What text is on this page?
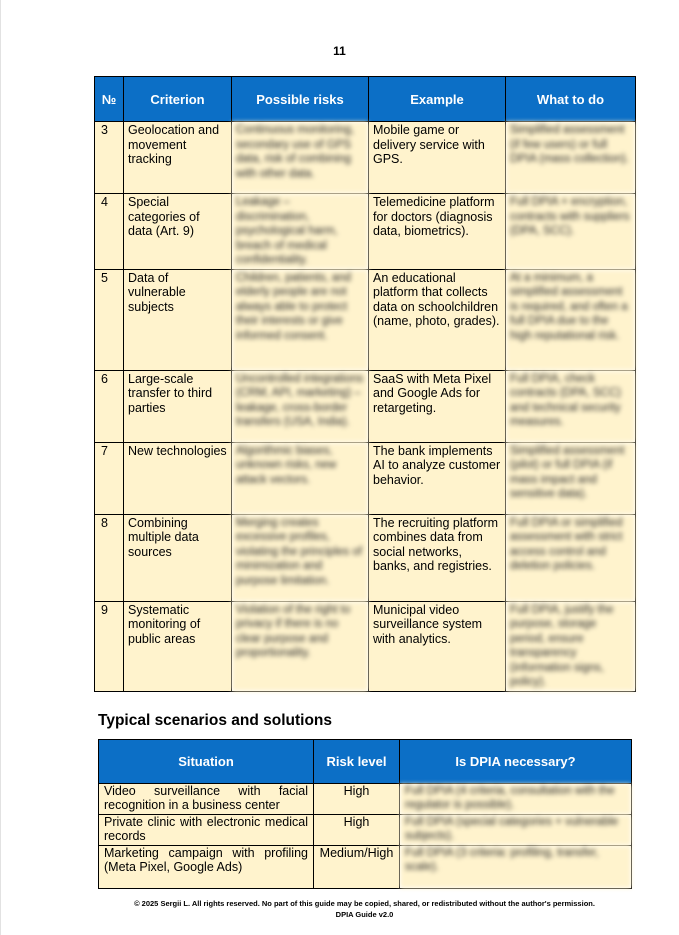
11
№	Criterion	Possible risks	Example	What to do
3	Geolocation and movement tracking	Continuous monitoring, secondary use of GPS data, risk of combining with other data.	Mobile game or delivery service with GPS.	Simplified assessment (if few users) or full DPIA (mass collection).
4	Special categories of data (Art. 9)	Leakage – discrimination, psychological harm, breach of medical confidentiality.	Telemedicine platform for doctors (diagnosis data, biometrics).	Full DPIA + encryption, contracts with suppliers (DPA, SCC).
5	Data of vulnerable subjects	Children, patients, and elderly people are not always able to protect their interests or give informed consent.	An educational platform that collects data on schoolchildren (name, photo, grades).	At a minimum, a simplified assessment is required, and often a full DPIA due to the high reputational risk.
6	Large-scale transfer to third parties	Uncontrolled integrations (CRM, API, marketing) – leakage, cross-border transfers (USA, India).	SaaS with Meta Pixel and Google Ads for retargeting.	Full DPIA, check contracts (DPA, SCC) and technical security measures.
7	New technologies	Algorithmic biases, unknown risks, new attack vectors.	The bank implements AI to analyze customer behavior.	Simplified assessment (pilot) or full DPIA (if mass impact and sensitive data).
8	Combining multiple data sources	Merging creates excessive profiles, violating the principles of minimization and purpose limitation.	The recruiting platform combines data from social networks, banks, and registries.	Full DPIA or simplified assessment with strict access control and deletion policies.
9	Systematic monitoring of public areas	Violation of the right to privacy if there is no clear purpose and proportionality.	Municipal video surveillance system with analytics.	Full DPIA, justify the purpose, storage period, ensure transparency (information signs, policy).
Typical scenarios and solutions
Situation	Risk level	Is DPIA necessary?
Video surveillance with facial recognition in a business center	High	Full DPIA (4 criteria, consultation with the regulator is possible).
Private clinic with electronic medical records	High	Full DPIA (special categories + vulnerable subjects).
Marketing campaign with profiling (Meta Pixel, Google Ads)	Medium/High	Full DPIA (3 criteria: profiling, transfer, scale).
© 2025 Sergii L. All rights reserved. No part of this guide may be copied, shared, or redistributed without the author's permission.
DPIA Guide v2.0
